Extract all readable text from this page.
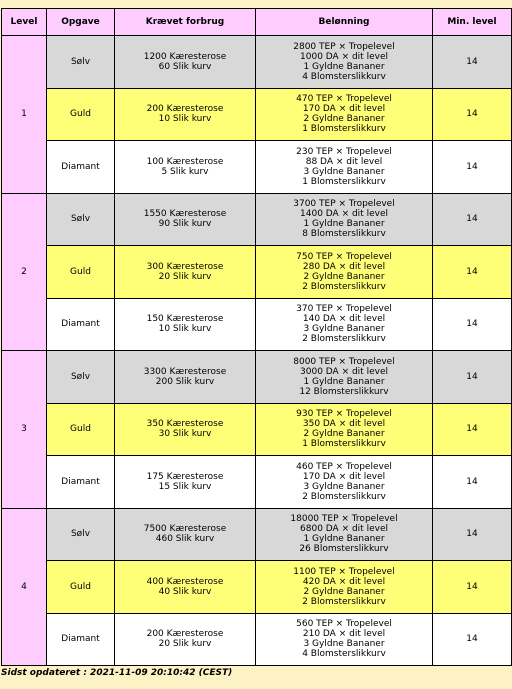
Level	Opgave	Krævet forbrug	Belønning	Min. level
1	Sølv	1200 Kæresterose
60 Slik kurv	2800 TEP × Tropelevel
1000 DA × dit level
1 Gyldne Bananer
4 Blomsterslikkurv	14
	Guld	200 Kæresterose
10 Slik kurv	470 TEP × Tropelevel
170 DA × dit level
2 Gyldne Bananer
1 Blomsterslikkurv	14
	Diamant	100 Kæresterose
5 Slik kurv	230 TEP × Tropelevel
88 DA × dit level
3 Gyldne Bananer
1 Blomsterslikkurv	14
2	Sølv	1550 Kæresterose
90 Slik kurv	3700 TEP × Tropelevel
1400 DA × dit level
1 Gyldne Bananer
8 Blomsterslikkurv	14
	Guld	300 Kæresterose
20 Slik kurv	750 TEP × Tropelevel
280 DA × dit level
2 Gyldne Bananer
2 Blomsterslikkurv	14
	Diamant	150 Kæresterose
10 Slik kurv	370 TEP × Tropelevel
140 DA × dit level
3 Gyldne Bananer
2 Blomsterslikkurv	14
3	Sølv	3300 Kæresterose
200 Slik kurv	8000 TEP × Tropelevel
3000 DA × dit level
1 Gyldne Bananer
12 Blomsterslikkurv	14
	Guld	350 Kæresterose
30 Slik kurv	930 TEP × Tropelevel
350 DA × dit level
2 Gyldne Bananer
1 Blomsterslikkurv	14
	Diamant	175 Kæresterose
15 Slik kurv	460 TEP × Tropelevel
170 DA × dit level
3 Gyldne Bananer
2 Blomsterslikkurv	14
4	Sølv	7500 Kæresterose
460 Slik kurv	18000 TEP × Tropelevel
6800 DA × dit level
1 Gyldne Bananer
26 Blomsterslikkurv	14
	Guld	400 Kæresterose
40 Slik kurv	1100 TEP × Tropelevel
420 DA × dit level
2 Gyldne Bananer
2 Blomsterslikkurv	14
	Diamant	200 Kæresterose
20 Slik kurv	560 TEP × Tropelevel
210 DA × dit level
3 Gyldne Bananer
4 Blomsterslikkurv	14
Sidst opdateret : 2021-11-09 20:10:42 (CEST)
